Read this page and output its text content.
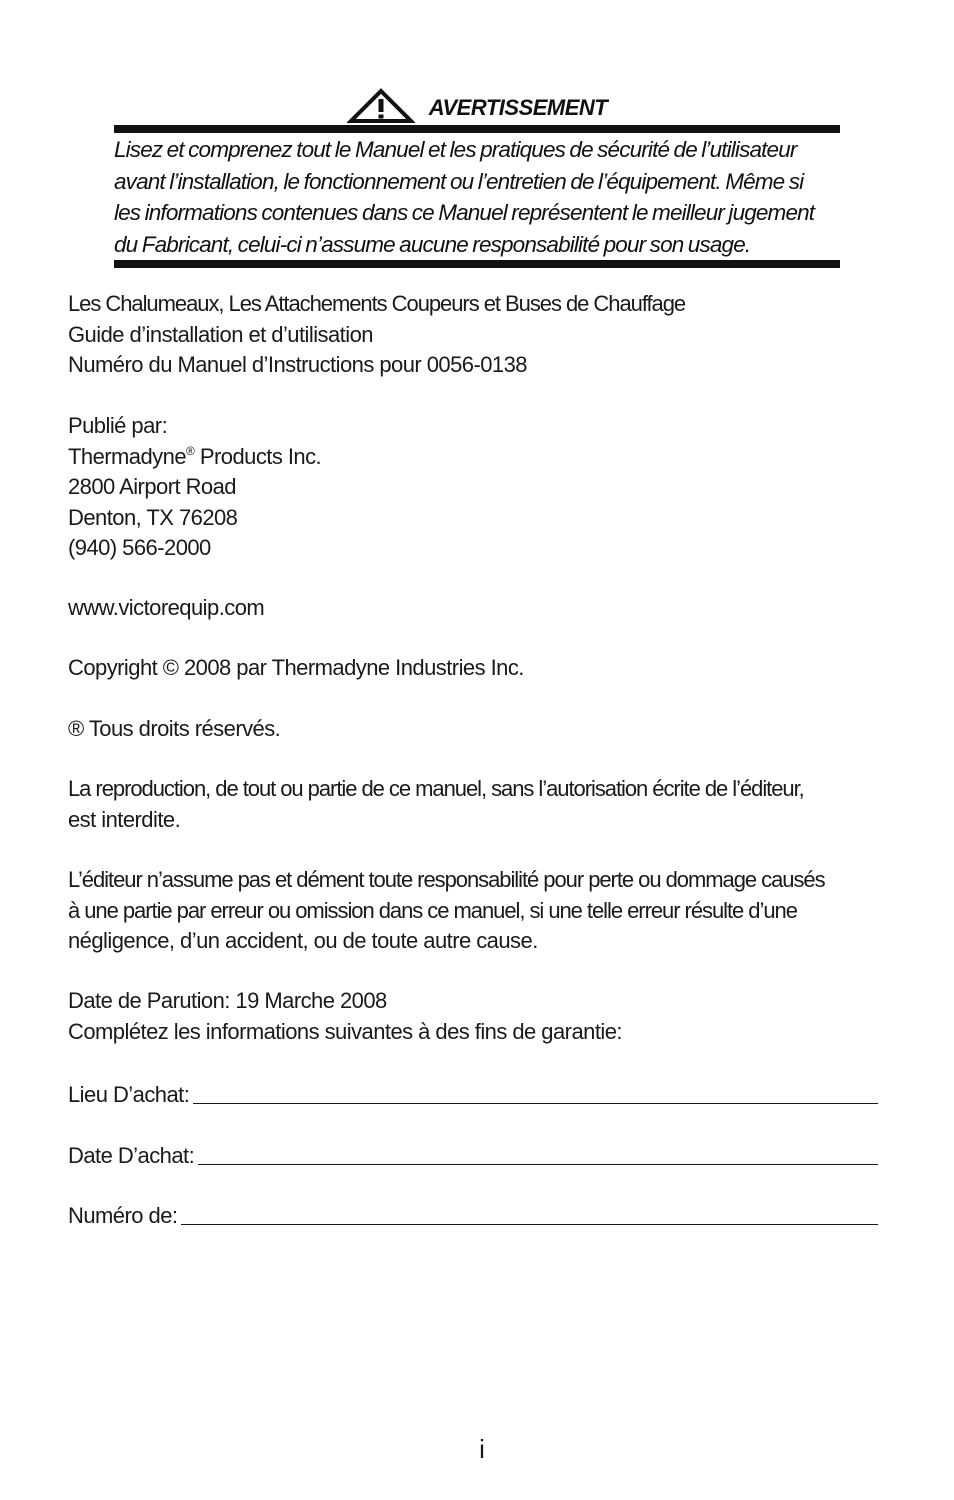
AVERTISSEMENT
Lisez et comprenez tout le Manuel et les pratiques de sécurité de l’utilisateur
avant l’installation, le fonctionnement ou l’entretien de l’équipement. Même si
les informations contenues dans ce Manuel représentent le meilleur jugement
du Fabricant, celui-ci n’assume aucune responsabilité pour son usage.
Les Chalumeaux, Les Attachements Coupeurs et Buses de Chauffage
Guide d’installation et d’utilisation
Numéro du Manuel d’Instructions pour 0056-0138
Publié par:
Thermadyne® Products Inc.
2800 Airport Road
Denton, TX 76208
(940) 566-2000
www.victorequip.com
Copyright © 2008 par Thermadyne Industries Inc.
® Tous droits réservés.
La reproduction, de tout ou partie de ce manuel, sans l’autorisation écrite de l’éditeur,
est interdite.
L’éditeur n’assume pas et dément toute responsabilité pour perte ou dommage causés
à une partie par erreur ou omission dans ce manuel, si une telle erreur résulte d’une
négligence, d’un accident, ou de toute autre cause.
Date de Parution: 19 Marche 2008
Complétez les informations suivantes à des fins de garantie:
Lieu D’achat:
Date D’achat:
Numéro de:
i
